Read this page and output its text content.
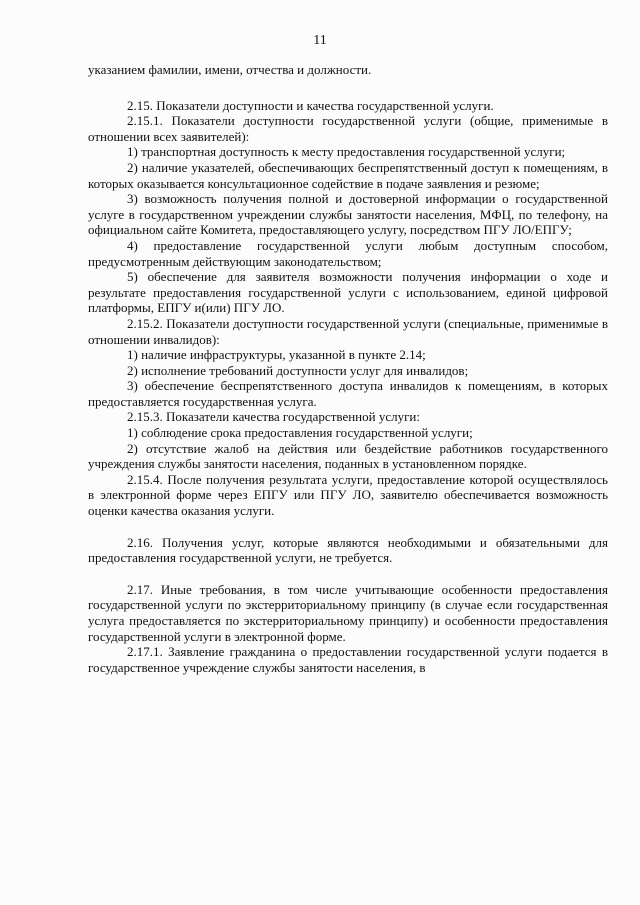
11

указанием фамилии, имени, отчества и должности.

2.15. Показатели доступности и качества государственной услуги.

2.15.1. Показатели доступности государственной услуги (общие, применимые в отношении всех заявителей):

1) транспортная доступность к месту предоставления государственной услуги;

2) наличие указателей, обеспечивающих беспрепятственный доступ к помещениям, в которых оказывается консультационное содействие в подаче заявления и резюме;

3) возможность получения полной и достоверной информации о государственной услуге в государственном учреждении службы занятости населения, МФЦ, по телефону, на официальном сайте Комитета, предоставляющего услугу, посредством ПГУ ЛО/ЕПГУ;

4) предоставление государственной услуги любым доступным способом, предусмотренным действующим законодательством;

5) обеспечение для заявителя возможности получения информации о ходе и результате предоставления государственной услуги с использованием, единой цифровой платформы, ЕПГУ и(или) ПГУ ЛО.

2.15.2. Показатели доступности государственной услуги (специальные, применимые в отношении инвалидов):

1) наличие инфраструктуры, указанной в пункте 2.14;

2) исполнение требований доступности услуг для инвалидов;

3) обеспечение беспрепятственного доступа инвалидов к помещениям, в которых предоставляется государственная услуга.

2.15.3. Показатели качества государственной услуги:

1) соблюдение срока предоставления государственной услуги;

2) отсутствие жалоб на действия или бездействие работников государственного учреждения службы занятости населения, поданных в установленном порядке.

2.15.4. После получения результата услуги, предоставление которой осуществлялось в электронной форме через ЕПГУ или ПГУ ЛО, заявителю обеспечивается возможность оценки качества оказания услуги.

2.16. Получения услуг, которые являются необходимыми и обязательными для предоставления государственной услуги, не требуется.

2.17. Иные требования, в том числе учитывающие особенности предоставления государственной услуги по экстерриториальному принципу (в случае если государственная услуга предоставляется по экстерриториальному принципу) и особенности предоставления государственной услуги в электронной форме.

2.17.1. Заявление гражданина о предоставлении государственной услуги подается в государственное учреждение службы занятости населения, в
